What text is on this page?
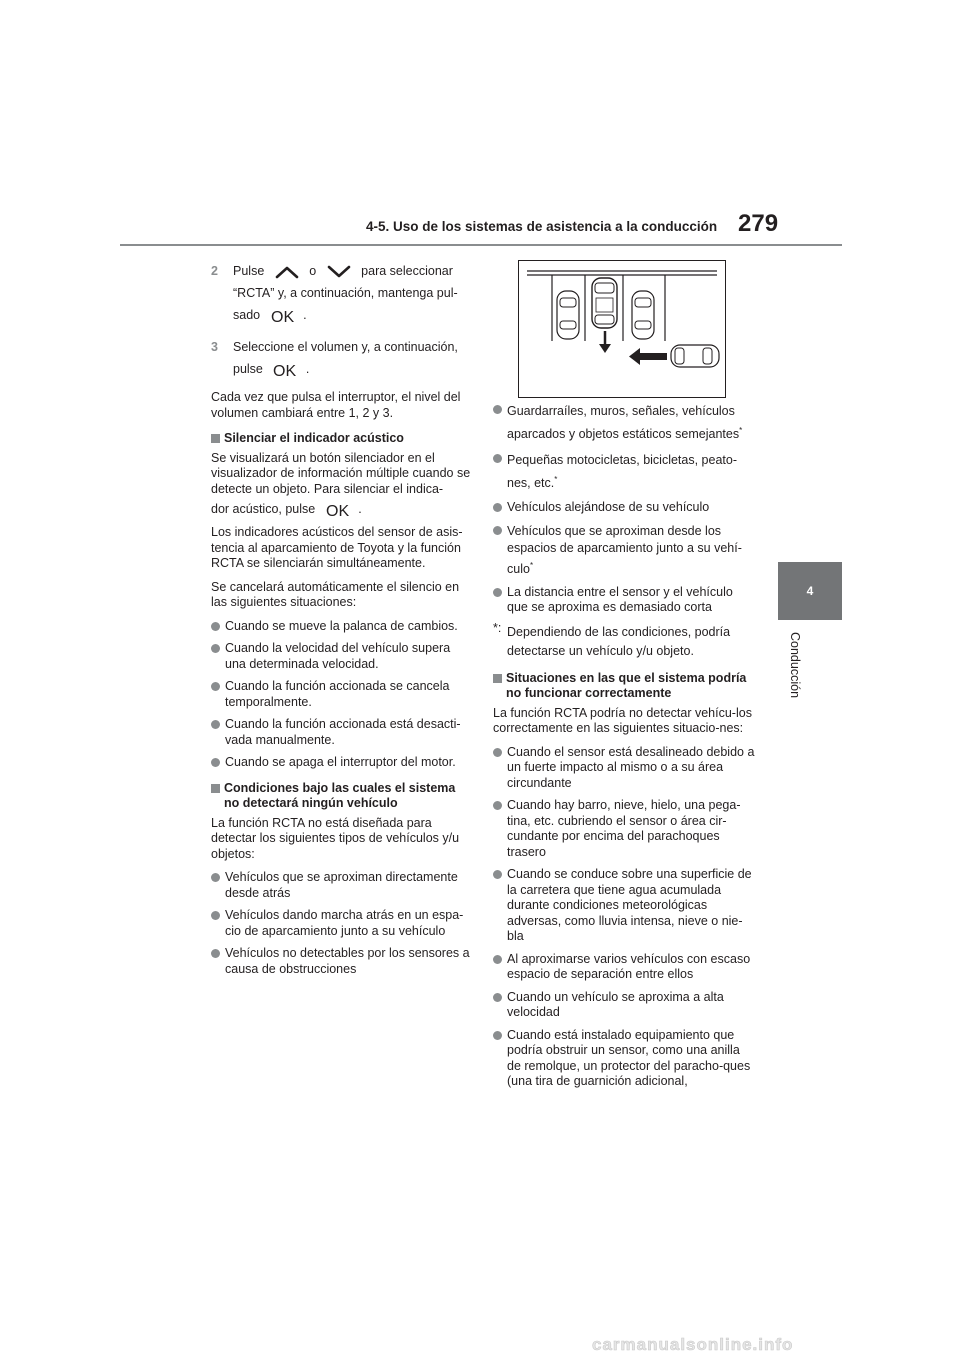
4-5. Uso de los sistemas de asistencia a la conducción 279
4
Conducción
2 Pulse	o	para seleccionar
“RCTA” y, a continuación, mantenga pul-
sado OK .
3 Seleccione el volumen y, a continuación,
pulse OK .

Cada vez que pulsa el interruptor, el nivel del volumen cambiará entre 1, 2 y 3.

Silenciar el indicador acústico

Se visualizará un botón silenciador en el visualizador de información múltiple cuando se detecte un objeto. Para silenciar el indica-

dor acústico, pulse OK .

Los indicadores acústicos del sensor de asis-tencia al aparcamiento de Toyota y la función RCTA se silenciarán simultáneamente.

Se cancelará automáticamente el silencio en las siguientes situaciones:

Cuando se mueve la palanca de cambios.
Cuando la velocidad del vehículo supera una determinada velocidad.
Cuando la función accionada se cancela temporalmente.
Cuando la función accionada está desacti-vada manualmente.
Cuando se apaga el interruptor del motor.
Condiciones bajo las cuales el sistema no detectará ningún vehículo

La función RCTA no está diseñada para detectar los siguientes tipos de vehículos y/u objetos:

Vehículos que se aproximan directamente desde atrás
Vehículos dando marcha atrás en un espa-cio de aparcamiento junto a su vehículo
Vehículos no detectables por los sensores a causa de obstrucciones
Guardarraíles, muros, señales, vehículos aparcados y objetos estáticos semejantes*
Pequeñas motocicletas, bicicletas, peato-nes, etc.*
Vehículos alejándose de su vehículo
Vehículos que se aproximan desde los espacios de aparcamiento junto a su vehí-culo*
La distancia entre el sensor y el vehículo que se aproxima es demasiado corta
*: Dependiendo de las condiciones, podría detectarse un vehículo y/u objeto.
Situaciones en las que el sistema podría no funcionar correctamente

La función RCTA podría no detectar vehícu-los correctamente en las siguientes situacio-nes:

Cuando el sensor está desalineado debido a un fuerte impacto al mismo o a su área circundante
Cuando hay barro, nieve, hielo, una pega-tina, etc. cubriendo el sensor o área cir-cundante por encima del parachoques trasero
Cuando se conduce sobre una superficie de la carretera que tiene agua acumulada durante condiciones meteorológicas adversas, como lluvia intensa, nieve o nie-bla
Al aproximarse varios vehículos con escaso espacio de separación entre ellos
Cuando un vehículo se aproxima a alta velocidad
Cuando está instalado equipamiento que podría obstruir un sensor, como una anilla de remolque, un protector del paracho-ques (una tira de guarnición adicional,
carmanualsonline.info
